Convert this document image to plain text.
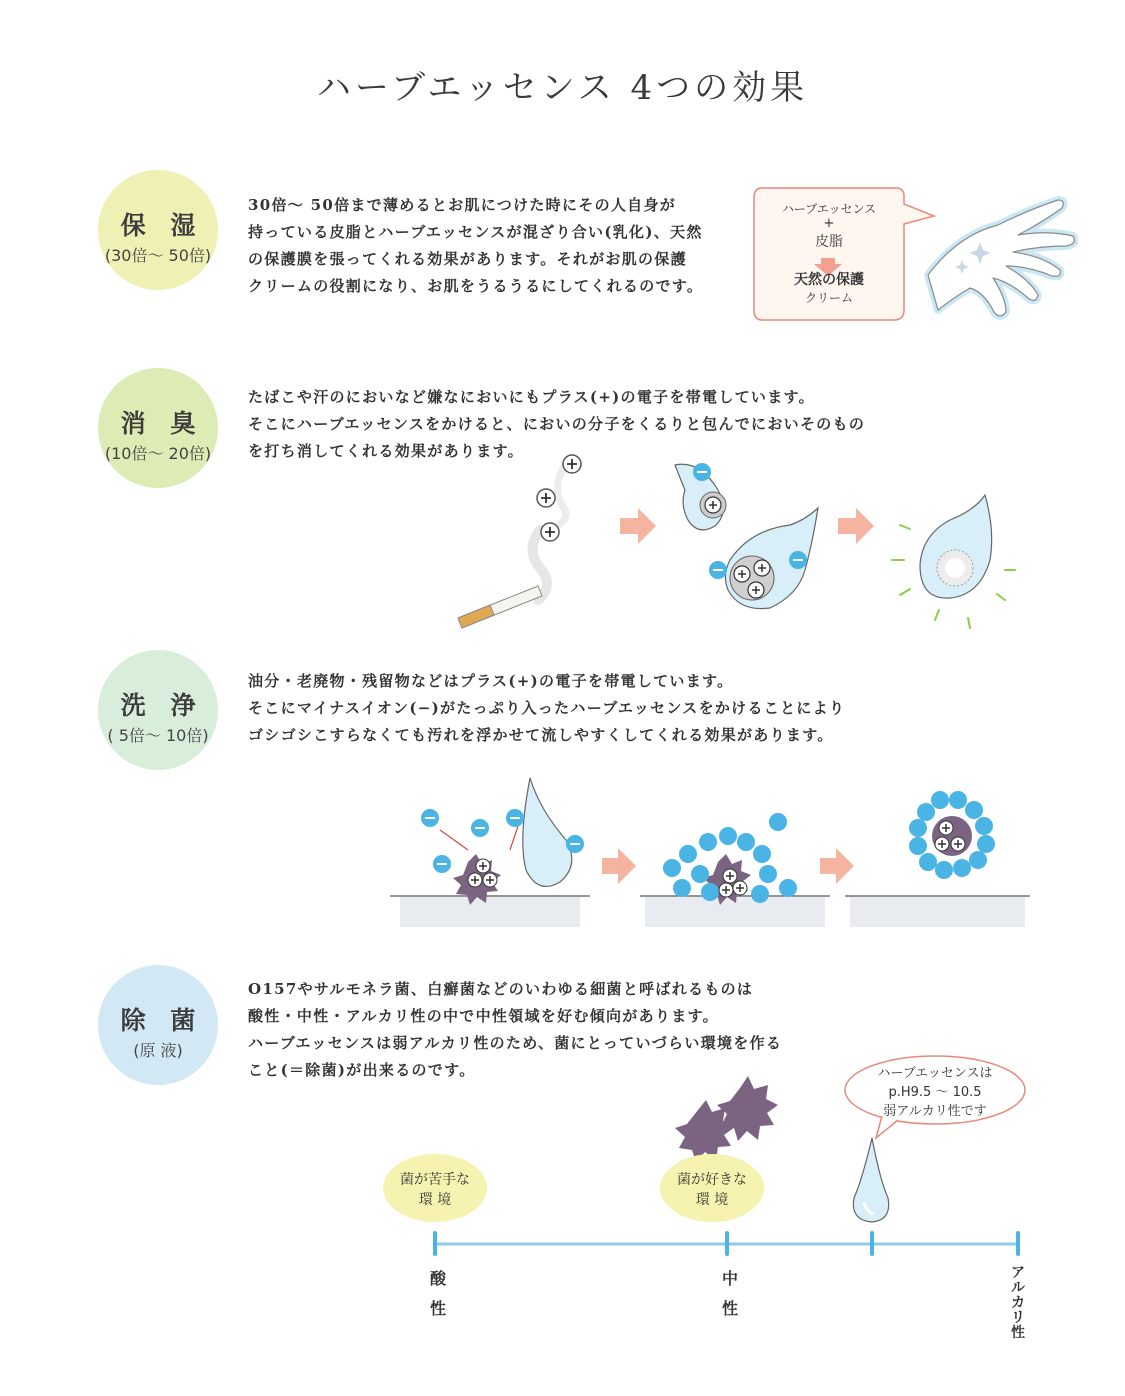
ハーブエッセンス 4つの効果
保 湿
(30倍～ 50倍)
30倍～ 50倍まで薄めるとお肌につけた時にその人自身が
持っている皮脂とハーブエッセンスが混ざり合い(乳化)、天然
の保護膜を張ってくれる効果があります。それがお肌の保護
クリームの役割になり、お肌をうるうるにしてくれるのです。
ハーブエッセンス
+
皮脂
天然の保護
クリーム
消 臭
(10倍～ 20倍)
たばこや汗のにおいなど嫌なにおいにもプラス(+)の電子を帯電しています。
そこにハーブエッセンスをかけると、においの分子をくるりと包んでにおいそのもの
を打ち消してくれる効果があります。
洗 浄
( 5倍～ 10倍)
油分・老廃物・残留物などはプラス(+)の電子を帯電しています。
そこにマイナスイオン(−)がたっぷり入ったハーブエッセンスをかけることにより
ゴシゴシこすらなくても汚れを浮かせて流しやすくしてくれる効果があります。
除 菌
(原 液)
O157やサルモネラ菌、白癬菌などのいわゆる細菌と呼ばれるものは
酸性・中性・アルカリ性の中で中性領域を好む傾向があります。
ハーブエッセンスは弱アルカリ性のため、菌にとっていづらい環境を作る
こと(＝除菌)が出来るのです。	ハーブエッセンスは
p.H9.5 ～ 10.5
弱アルカリ性です
菌が苦手な
環 境
菌が好きな
環 境
酸
性
中
性
ア
ル
カ
リ
性
